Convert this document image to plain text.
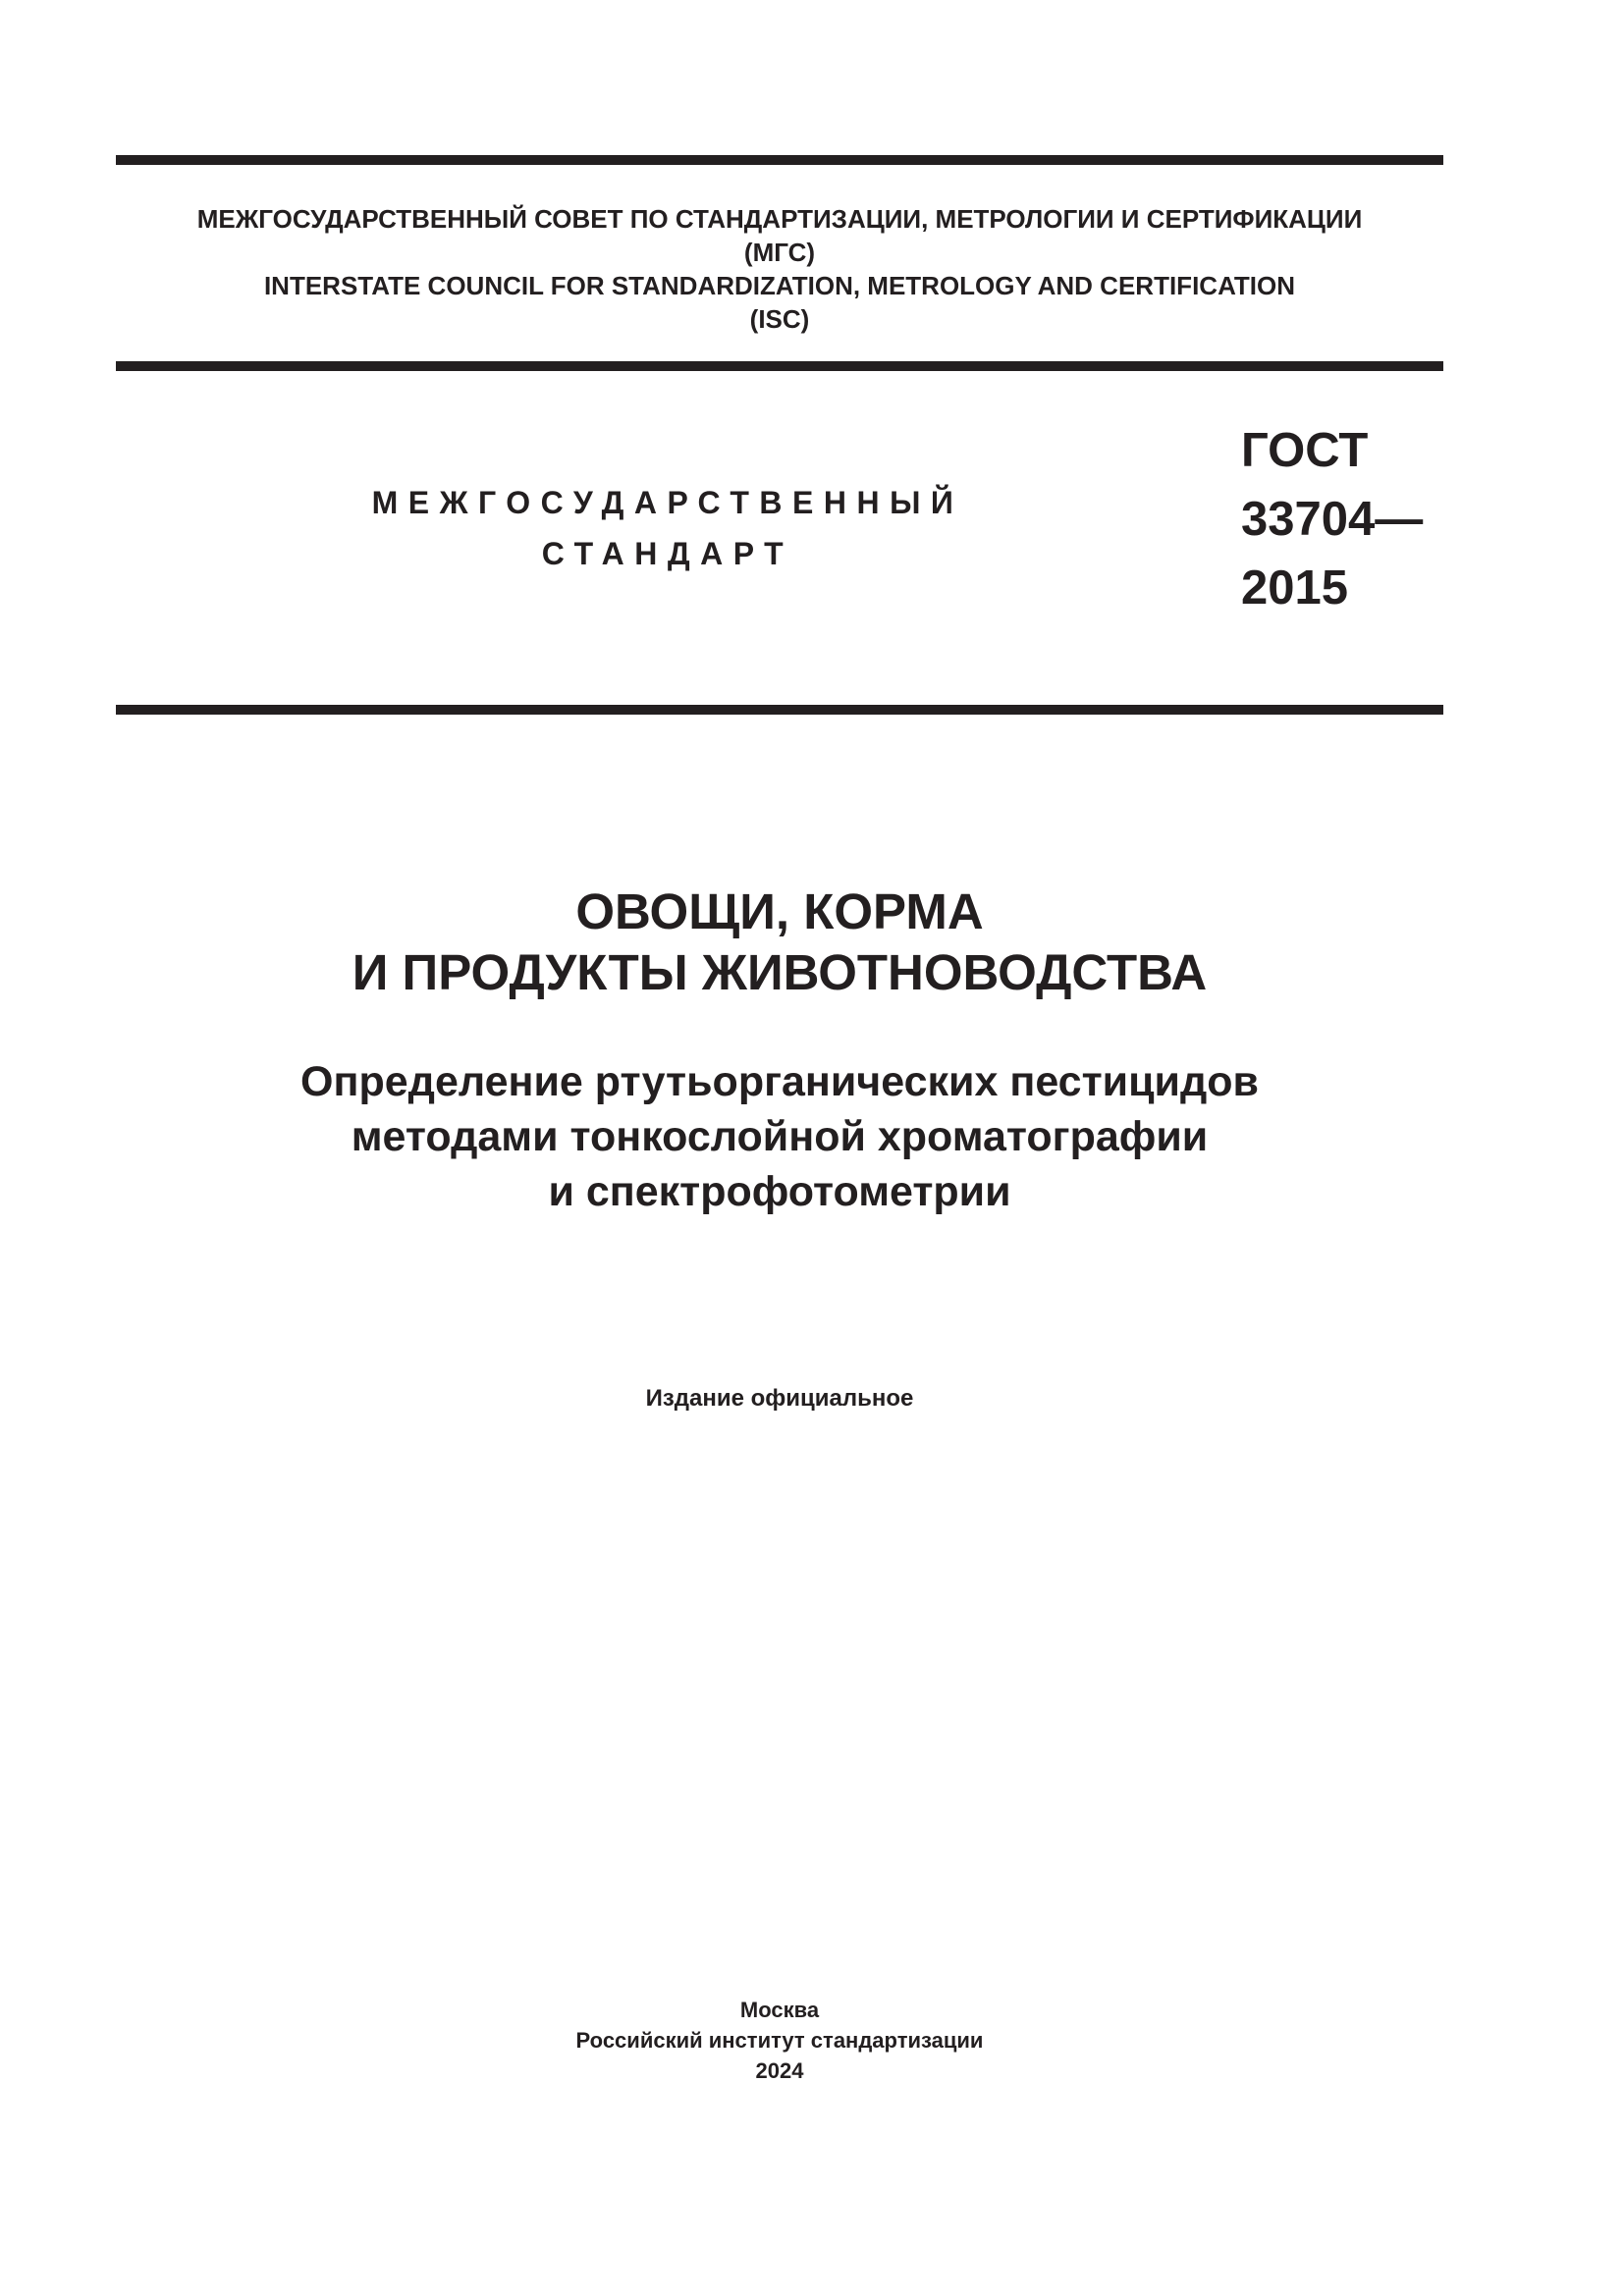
МЕЖГОСУДАРСТВЕННЫЙ СОВЕТ ПО СТАНДАРТИЗАЦИИ, МЕТРОЛОГИИ И СЕРТИФИКАЦИИ
(МГС)
INTERSTATE COUNCIL FOR STANDARDIZATION, METROLOGY AND CERTIFICATION
(ISC)
МЕЖГОСУДАРСТВЕННЫЙ
СТАНДАРТ
ГОСТ
33704—
2015
ОВОЩИ, КОРМА
И ПРОДУКТЫ ЖИВОТНОВОДСТВА
Определение ртутьорганических пестицидов
методами тонкослойной хроматографии
и спектрофотометрии
Издание официальное
Москва
Российский институт стандартизации
2024
